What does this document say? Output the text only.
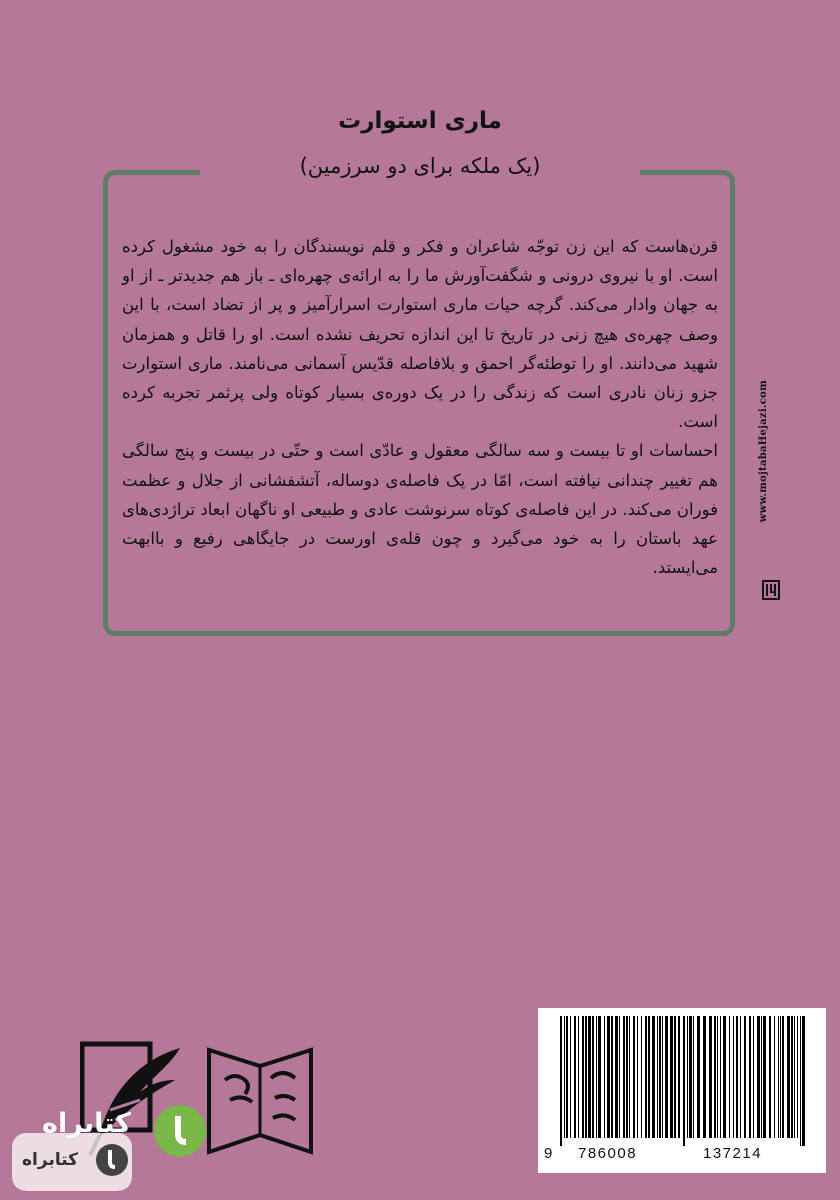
ماری استوارت
(یک ملکه برای دو سرزمین)

قرن‌هاست که این زن توجّه شاعران و فکر و قلم نویسندگان را به خود مشغول کرده است. او با نیروی درونی و شگفت‌آورش ما را به ارائه‌ی چهره‌ای ـ باز هم جدیدتر ـ از او به جهان وادار می‌کند. گرچه حیات ماری استوارت اسرارآمیز و پر از تضاد است، با این وصف چهره‌ی هیچ زنی در تاریخ تا این اندازه تحریف نشده است. او را قاتل و همزمان شهید می‌دانند. او را توطئه‌گر احمق و بلافاصله قدّیس آسمانی می‌نامند. ماری استوارت جزو زنان نادری است که زندگی را در یک دوره‌ی بسیار کوتاه ولی پرثمر تجربه کرده است.

احساسات او تا بیست و سه سالگی معقول و عادّی است و حتّی در بیست و پنج سالگی هم تغییر چندانی نیافته است، امّا در یک فاصله‌ی دوساله، آتشفشانی از جلال و عظمت فوران می‌کند. در این فاصله‌ی کوتاه سرنوشت عادی و طبیعی او ناگهان ابعاد تراژدی‌های عهد باستان را به خود می‌گیرد و چون قله‌ی اورست در جایگاهی رفیع و باابهت می‌ایستد.

www.mojtabaHejazi.com
9 786008	137214
کتابراه
کتابراه
